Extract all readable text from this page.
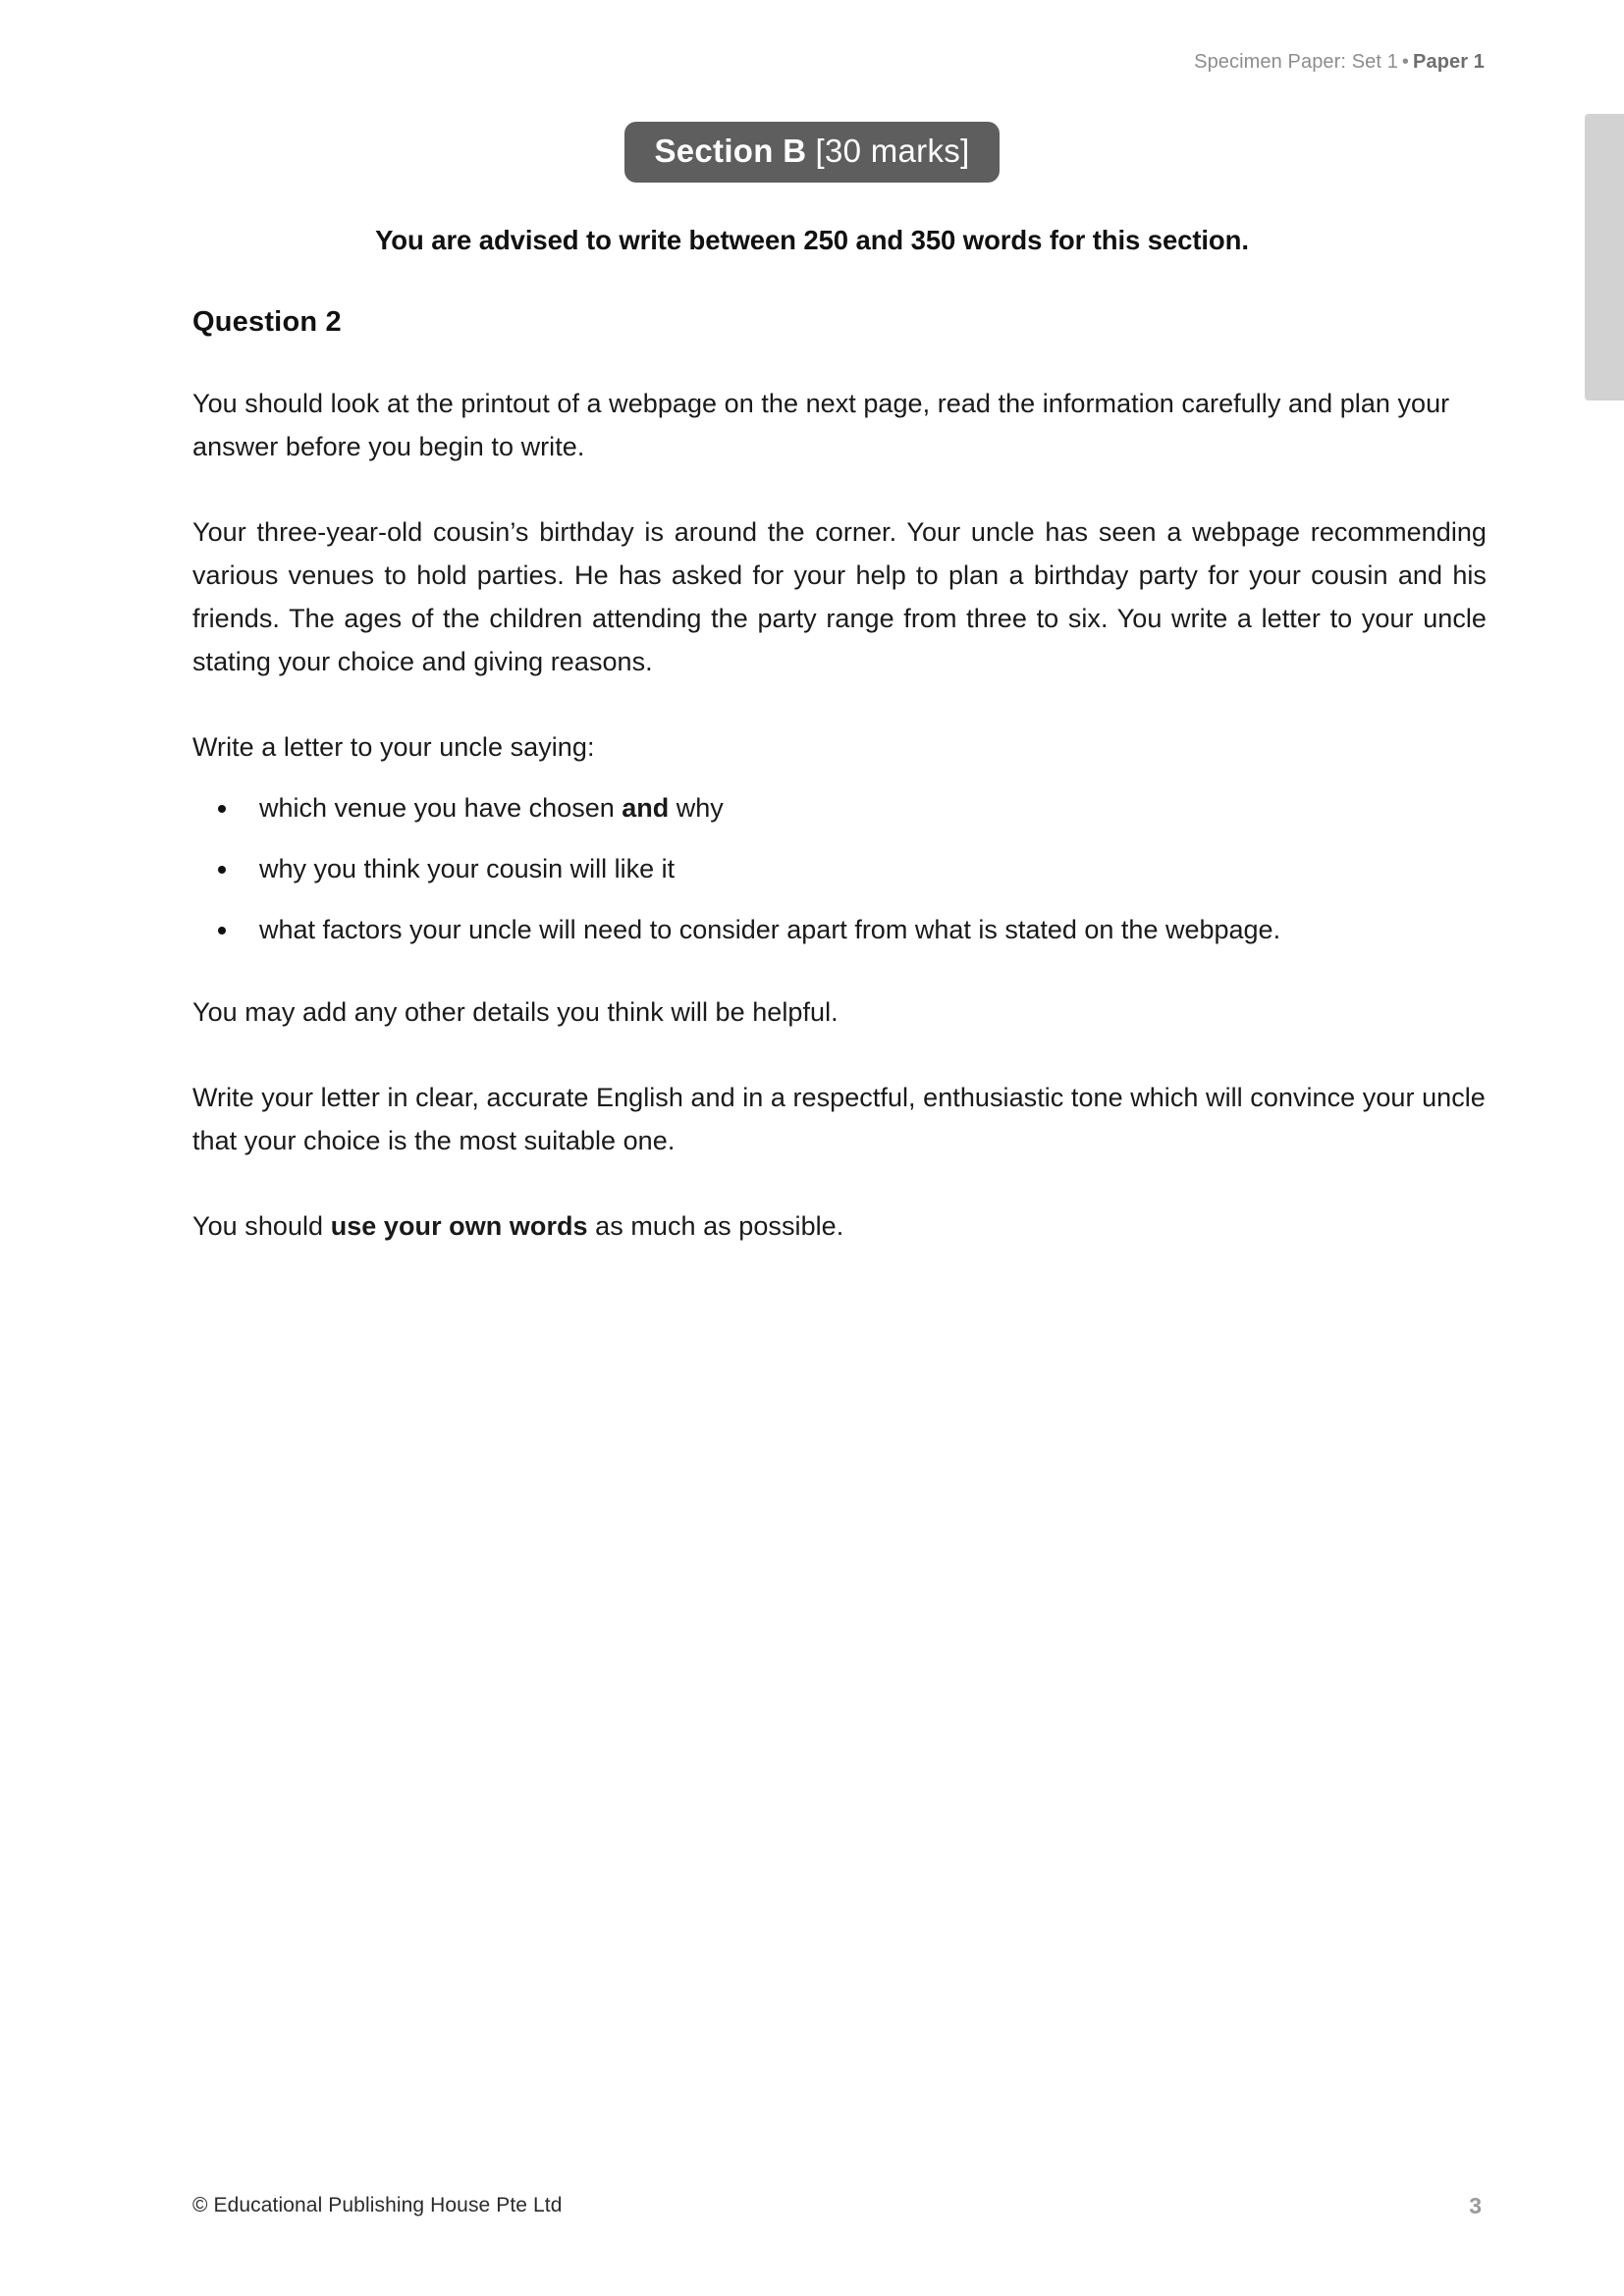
Specimen Paper: Set 1 • Paper 1
Section B [30 marks]
You are advised to write between 250 and 350 words for this section.
Question 2

You should look at the printout of a webpage on the next page, read the information carefully and plan your answer before you begin to write.

Your three-year-old cousin’s birthday is around the corner. Your uncle has seen a webpage recommending various venues to hold parties. He has asked for your help to plan a birthday party for your cousin and his friends. The ages of the children attending the party range from three to six. You write a letter to your uncle stating your choice and giving reasons.

Write a letter to your uncle saying:

which venue you have chosen and why
why you think your cousin will like it
what factors your uncle will need to consider apart from what is stated on the webpage.

You may add any other details you think will be helpful.

Write your letter in clear, accurate English and in a respectful, enthusiastic tone which will convince your uncle that your choice is the most suitable one.

You should use your own words as much as possible.

© Educational Publishing House Pte Ltd	3
